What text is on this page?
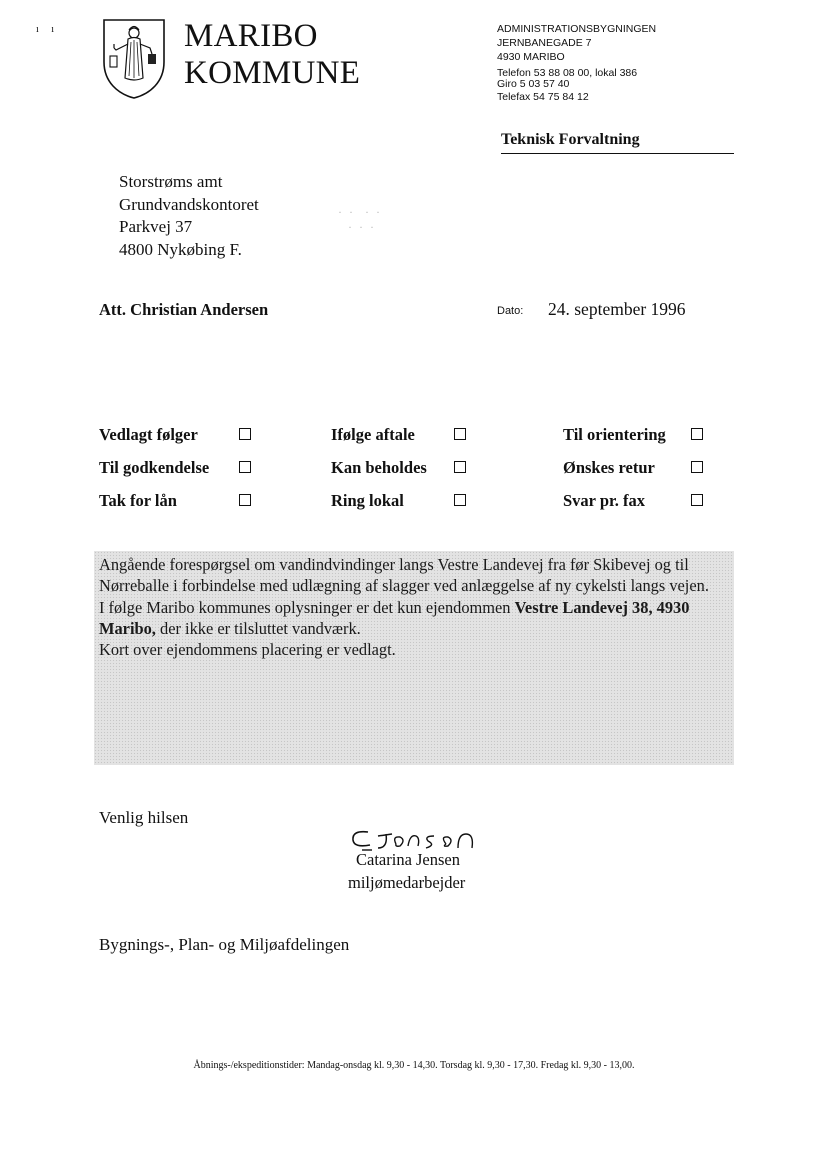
ı     ı	MARIBO
KOMMUNE
ADMINISTRATIONSBYGNINGEN
JERNBANEGADE 7
4930 MARIBO
Telefon 53 88 08 00, lokal 386
Giro 5 03 57 40
Telefax 54 75 84 12
Teknisk Forvaltning
Storstrøms amt
Grundvandskontoret
Parkvej 37
4800 Nykøbing F.
· ·  · ·
· · ·
Att. Christian Andersen	Dato: 24. september 1996
Vedlagt følger	Ifølge aftale	Til orientering
Til godkendelse	Kan beholdes	Ønskes retur
Tak for lån	Ring lokal	Svar pr. fax
Angående forespørgsel om vandindvindinger langs Vestre Landevej fra før Skibevej og til Nørreballe i forbindelse med udlægning af slagger ved anlæggelse af ny cykelsti langs vejen.
I følge Maribo kommunes oplysninger er det kun ejendommen Vestre Landevej 38, 4930 Maribo, der ikke er tilsluttet vandværk.
Kort over ejendommens placering er vedlagt.
Venlig hilsen
Catarina Jensen
miljømedarbejder
Bygnings-, Plan- og Miljøafdelingen
Åbnings-/ekspeditionstider: Mandag-onsdag kl. 9,30 - 14,30. Torsdag kl. 9,30 - 17,30. Fredag kl. 9,30 - 13,00.
